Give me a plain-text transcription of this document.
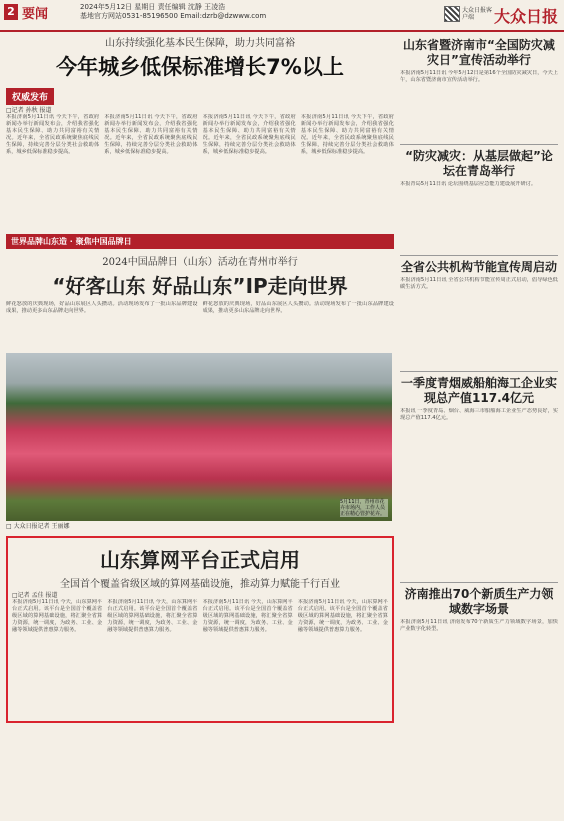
2 要闻	2024年5月12日 星期日 责任编辑 沈静 王凌浩
基地官方网站0531-85196500 Email:dzrb@dzwww.com
大众日报客户端	大众日报
山东持续强化基本民生保障，助力共同富裕
今年城乡低保标准增长7%以上
权威发布
□记者 孙秋 报道
本报济南5月11日讯 今天下午，省政府新闻办举行新闻发布会，介绍我省强化基本民生保障、助力共同富裕有关情况。近年来，全省民政系统聚焦底线民生保障，持续完善分层分类社会救助体系，城乡低保标准稳步提高。
本报济南5月11日讯 今天下午，省政府新闻办举行新闻发布会，介绍我省强化基本民生保障、助力共同富裕有关情况。近年来，全省民政系统聚焦底线民生保障，持续完善分层分类社会救助体系，城乡低保标准稳步提高。
本报济南5月11日讯 今天下午，省政府新闻办举行新闻发布会，介绍我省强化基本民生保障、助力共同富裕有关情况。近年来，全省民政系统聚焦底线民生保障，持续完善分层分类社会救助体系，城乡低保标准稳步提高。
本报济南5月11日讯 今天下午，省政府新闻办举行新闻发布会，介绍我省强化基本民生保障、助力共同富裕有关情况。近年来，全省民政系统聚焦底线民生保障，持续完善分层分类社会救助体系，城乡低保标准稳步提高。
世界品牌山东造 · 聚焦中国品牌日
2024中国品牌日（山东）活动在青州市举行
“好客山东 好品山东”IP走向世界
鲜花怒放的庆典现场，好品山东展区人头攒动。活动现场发布了一批山东品牌建设成果，推动更多山东品牌走向世界。
鲜花怒放的庆典现场，好品山东展区人头攒动。活动现场发布了一批山东品牌建设成果，推动更多山东品牌走向世界。
5月11日，青州市花卉市场内，工作人员正在精心管护花卉。
□ 大众日报记者 王丽娜
山东算网平台正式启用
全国首个覆盖省级区域的算网基础设施，推动算力赋能千行百业
□记者 孟佳 报道
本报济南5月11日讯 今天，山东算网平台正式启用。该平台是全国首个覆盖省级区域的算网基础设施，将汇聚全省算力资源，统一调度，为政务、工业、金融等领域提供普惠算力服务。
本报济南5月11日讯 今天，山东算网平台正式启用。该平台是全国首个覆盖省级区域的算网基础设施，将汇聚全省算力资源，统一调度，为政务、工业、金融等领域提供普惠算力服务。
本报济南5月11日讯 今天，山东算网平台正式启用。该平台是全国首个覆盖省级区域的算网基础设施，将汇聚全省算力资源，统一调度，为政务、工业、金融等领域提供普惠算力服务。
本报济南5月11日讯 今天，山东算网平台正式启用。该平台是全国首个覆盖省级区域的算网基础设施，将汇聚全省算力资源，统一调度，为政务、工业、金融等领域提供普惠算力服务。
山东省暨济南市“全国防灾减灾日”宣传活动举行
本报济南5月11日讯 今年5月12日是第16个全国防灾减灾日，今天上午，山东省暨济南市宣传活动举行。
“防灾减灾：从基层做起”论坛在青岛举行
本报青岛5月11日讯 论坛围绕基层应急能力建设展开研讨。
全省公共机构节能宣传周启动
本报济南5月11日讯 全省公共机构节能宣传周正式启动，倡导绿色低碳生活方式。
一季度青烟威船舶海工企业实现总产值117.4亿元
本报讯 一季度青岛、烟台、威海三市船舶海工企业生产态势良好，实现总产值117.4亿元。
济南推出70个新质生产力领域数字场景
本报济南5月11日讯 济南发布70个新质生产力领域数字场景，加快产业数字化转型。
